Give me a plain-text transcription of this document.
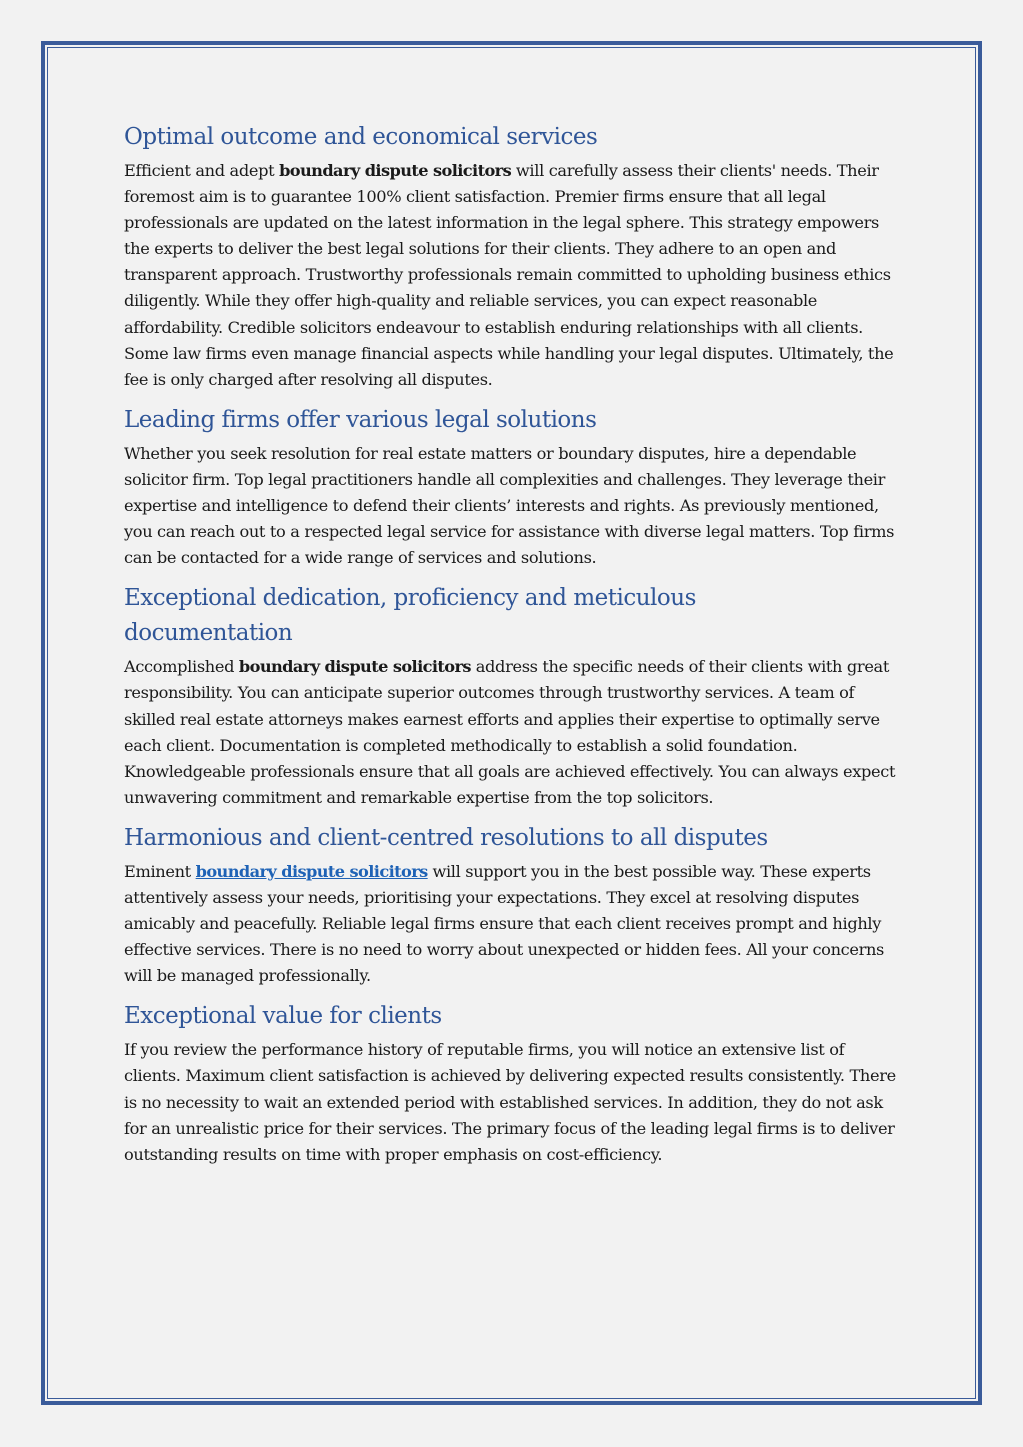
Optimal outcome and economical services

Efficient and adept boundary dispute solicitors will carefully assess their clients' needs. Their foremost aim is to guarantee 100% client satisfaction. Premier firms ensure that all legal professionals are updated on the latest information in the legal sphere. This strategy empowers the experts to deliver the best legal solutions for their clients. They adhere to an open and transparent approach. Trustworthy professionals remain committed to upholding business ethics diligently. While they offer high-quality and reliable services, you can expect reasonable affordability. Credible solicitors endeavour to establish enduring relationships with all clients. Some law firms even manage financial aspects while handling your legal disputes. Ultimately, the fee is only charged after resolving all disputes.

Leading firms offer various legal solutions

Whether you seek resolution for real estate matters or boundary disputes, hire a dependable solicitor firm. Top legal practitioners handle all complexities and challenges. They leverage their expertise and intelligence to defend their clients’ interests and rights. As previously mentioned, you can reach out to a respected legal service for assistance with diverse legal matters. Top firms can be contacted for a wide range of services and solutions.

Exceptional dedication, proficiency and meticulous documentation

Accomplished boundary dispute solicitors address the specific needs of their clients with great responsibility. You can anticipate superior outcomes through trustworthy services. A team of skilled real estate attorneys makes earnest efforts and applies their expertise to optimally serve each client. Documentation is completed methodically to establish a solid foundation. Knowledgeable professionals ensure that all goals are achieved effectively. You can always expect unwavering commitment and remarkable expertise from the top solicitors.

Harmonious and client-centred resolutions to all disputes

Eminent boundary dispute solicitors will support you in the best possible way. These experts attentively assess your needs, prioritising your expectations. They excel at resolving disputes amicably and peacefully. Reliable legal firms ensure that each client receives prompt and highly effective services. There is no need to worry about unexpected or hidden fees. All your concerns will be managed professionally.

Exceptional value for clients

If you review the performance history of reputable firms, you will notice an extensive list of clients. Maximum client satisfaction is achieved by delivering expected results consistently. There is no necessity to wait an extended period with established services. In addition, they do not ask for an unrealistic price for their services. The primary focus of the leading legal firms is to deliver outstanding results on time with proper emphasis on cost-efficiency.
